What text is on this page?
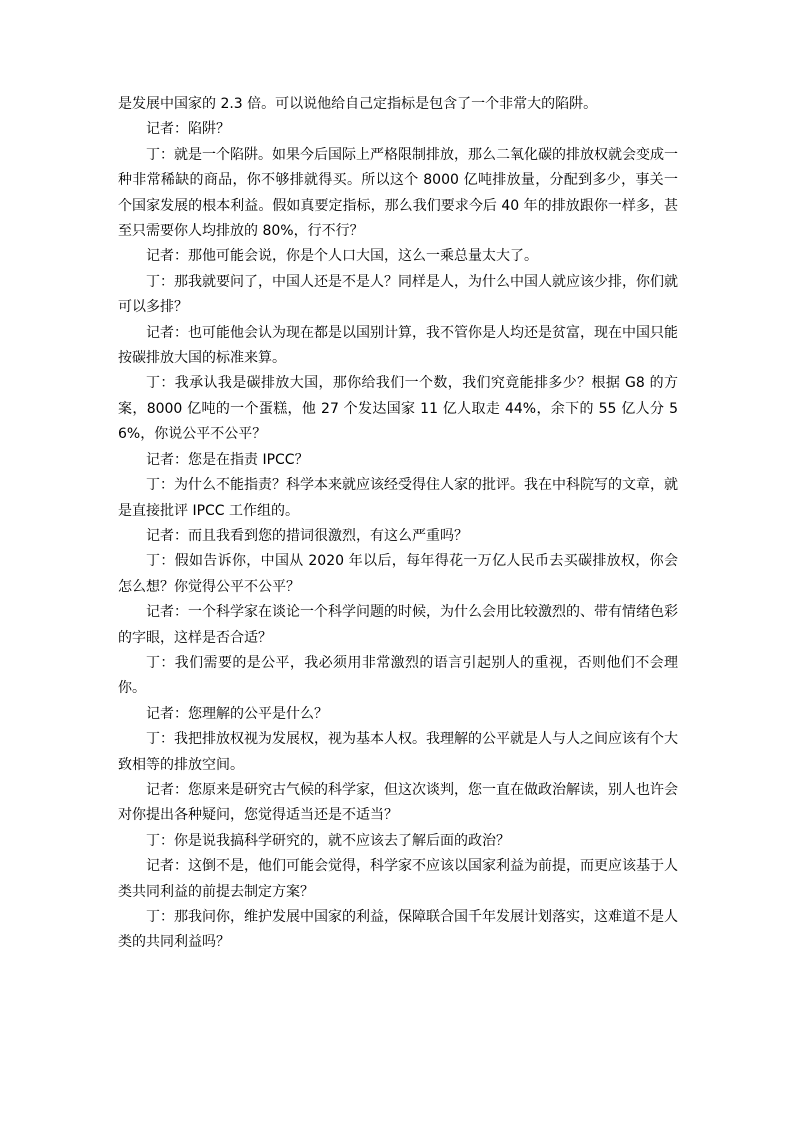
是发展中国家的 2.3 倍。可以说他给自己定指标是包含了一个非常大的陷阱。

记者：陷阱？

丁：就是一个陷阱。如果今后国际上严格限制排放，那么二氧化碳的排放权就会变成一种非常稀缺的商品，你不够排就得买。所以这个 8000 亿吨排放量，分配到多少，事关一个国家发展的根本利益。假如真要定指标，那么我们要求今后 40 年的排放跟你一样多，甚至只需要你人均排放的 80%，行不行？

记者：那他可能会说，你是个人口大国，这么一乘总量太大了。

丁：那我就要问了，中国人还是不是人？同样是人，为什么中国人就应该少排，你们就可以多排？

记者：也可能他会认为现在都是以国别计算，我不管你是人均还是贫富，现在中国只能按碳排放大国的标准来算。

丁：我承认我是碳排放大国，那你给我们一个数，我们究竟能排多少？根据 G8 的方案，8000 亿吨的一个蛋糕，他 27 个发达国家 11 亿人取走 44%，余下的 55 亿人分 56%，你说公平不公平？

记者：您是在指责 IPCC？

丁：为什么不能指责？科学本来就应该经受得住人家的批评。我在中科院写的文章，就是直接批评 IPCC 工作组的。

记者：而且我看到您的措词很激烈，有这么严重吗？

丁：假如告诉你，中国从 2020 年以后，每年得花一万亿人民币去买碳排放权，你会怎么想？你觉得公平不公平？

记者：一个科学家在谈论一个科学问题的时候，为什么会用比较激烈的、带有情绪色彩的字眼，这样是否合适？

丁：我们需要的是公平，我必须用非常激烈的语言引起别人的重视，否则他们不会理你。

记者：您理解的公平是什么？

丁：我把排放权视为发展权，视为基本人权。我理解的公平就是人与人之间应该有个大致相等的排放空间。

记者：您原来是研究古气候的科学家，但这次谈判，您一直在做政治解读，别人也许会对你提出各种疑问，您觉得适当还是不适当？

丁：你是说我搞科学研究的，就不应该去了解后面的政治？

记者：这倒不是，他们可能会觉得，科学家不应该以国家利益为前提，而更应该基于人类共同利益的前提去制定方案？

丁：那我问你，维护发展中国家的利益，保障联合国千年发展计划落实，这难道不是人类的共同利益吗？
